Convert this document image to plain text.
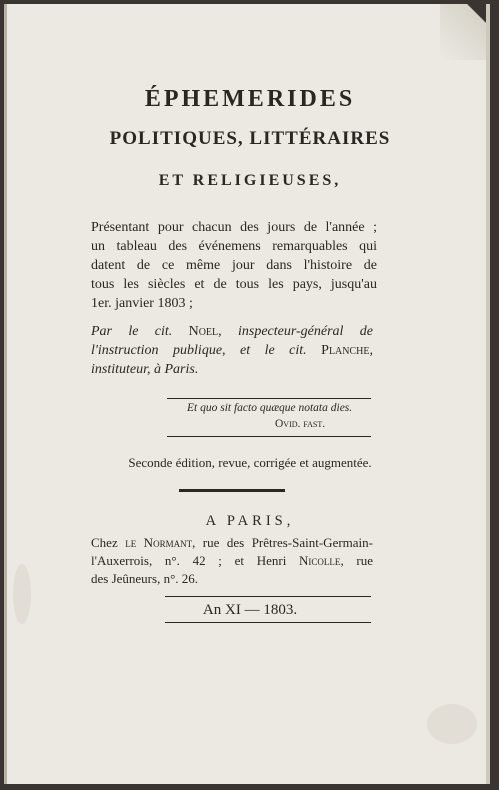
ÉPHEMERIDES
POLITIQUES, LITTÉRAIRES
ET RELIGIEUSES,
Présentant pour chacun des jours de l'année ;
un tableau des événemens remarquables qui
datent de ce même jour dans l'histoire de
tous les siècles et de tous les pays, jusqu'au
1er. janvier 1803 ;
Par le cit. Noel, inspecteur-général de
l'instruction publique, et le cit. Planche,
instituteur, à Paris.
Et quo sit facto quæque notata dies.
Ovid. fast.
Seconde édition, revue, corrigée et augmentée.
A PARIS,
Chez le Normant, rue des Prêtres-Saint-Germain-
l'Auxerrois, n°. 42 ; et Henri Nicolle, rue
des Jeûneurs, n°. 26.
An XI — 1803.
